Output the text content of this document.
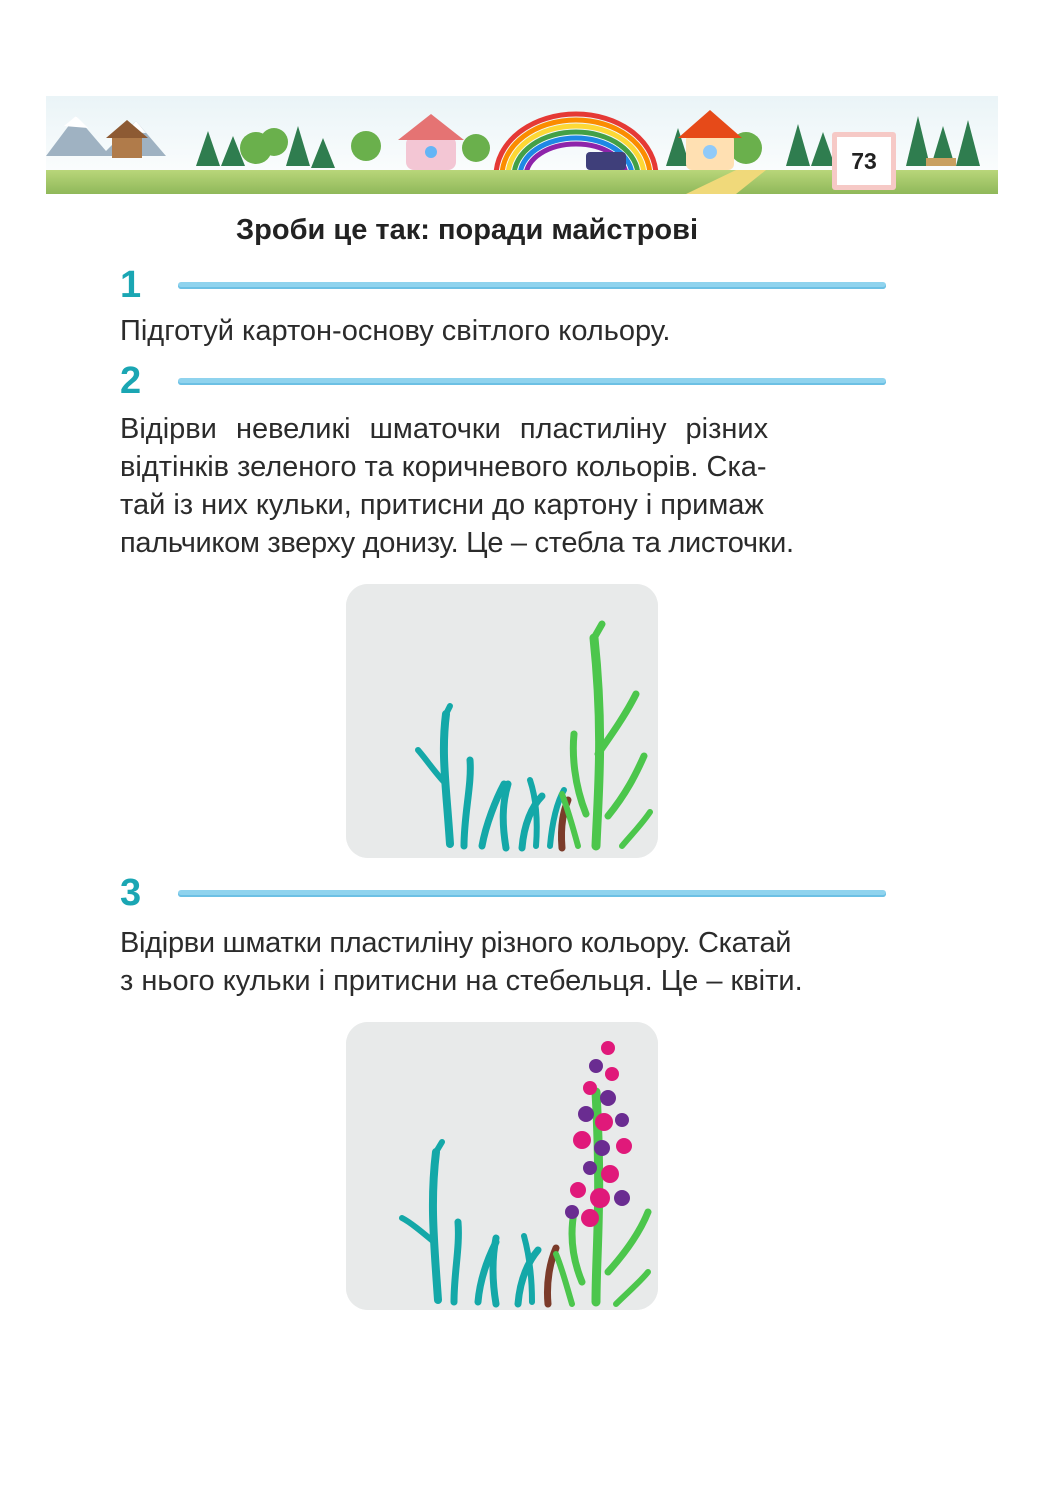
73
Зроби це так: поради майстрові
1
Підготуй картон-основу світлого кольору.
2
Відірви невеликі шматочки пластиліну різних
відтінків зеленого та коричневого кольорів. Ска-
тай із них кульки, притисни до картону і примаж
пальчиком зверху донизу. Це – стебла та листочки.
3
Відірви шматки пластиліну різного кольору. Скатай
з нього кульки і притисни на стебельця. Це – квіти.
